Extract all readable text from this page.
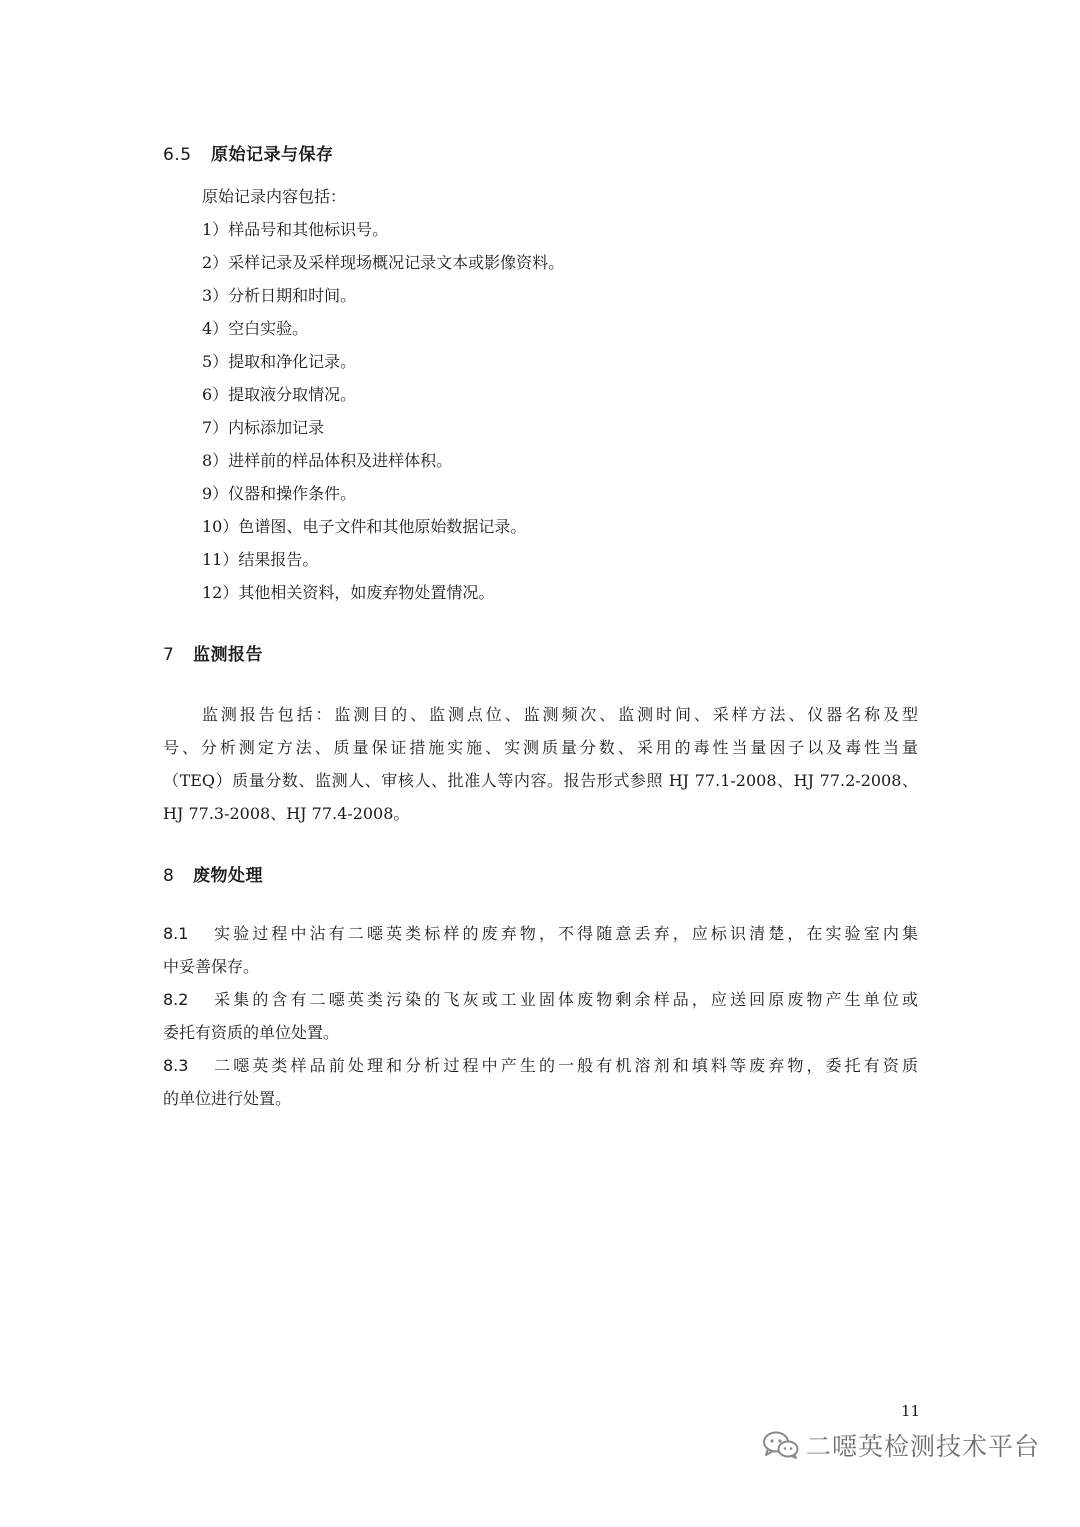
6.5 原始记录与保存
原始记录内容包括：
1）样品号和其他标识号。
2）采样记录及采样现场概况记录文本或影像资料。
3）分析日期和时间。
4）空白实验。
5）提取和净化记录。
6）提取液分取情况。
7）内标添加记录
8）进样前的样品体积及进样体积。
9）仪器和操作条件。
10）色谱图、电子文件和其他原始数据记录。
11）结果报告。
12）其他相关资料，如废弃物处置情况。
7 监测报告
监测报告包括：监测目的、监测点位、监测频次、监测时间、采样方法、仪器名称及型
号、分析测定方法、质量保证措施实施、实测质量分数、采用的毒性当量因子以及毒性当量
（TEQ）质量分数、监测人、审核人、批准人等内容。报告形式参照 HJ 77.1-2008、HJ 77.2-2008、
HJ 77.3-2008、HJ 77.4-2008。
8 废物处理
8.1 实验过程中沾有二噁英类标样的废弃物，不得随意丢弃，应标识清楚，在实验室内集
中妥善保存。
8.2 采集的含有二噁英类污染的飞灰或工业固体废物剩余样品，应送回原废物产生单位或
委托有资质的单位处置。
8.3 二噁英类样品前处理和分析过程中产生的一般有机溶剂和填料等废弃物，委托有资质
的单位进行处置。
11
二噁英检测技术平台
